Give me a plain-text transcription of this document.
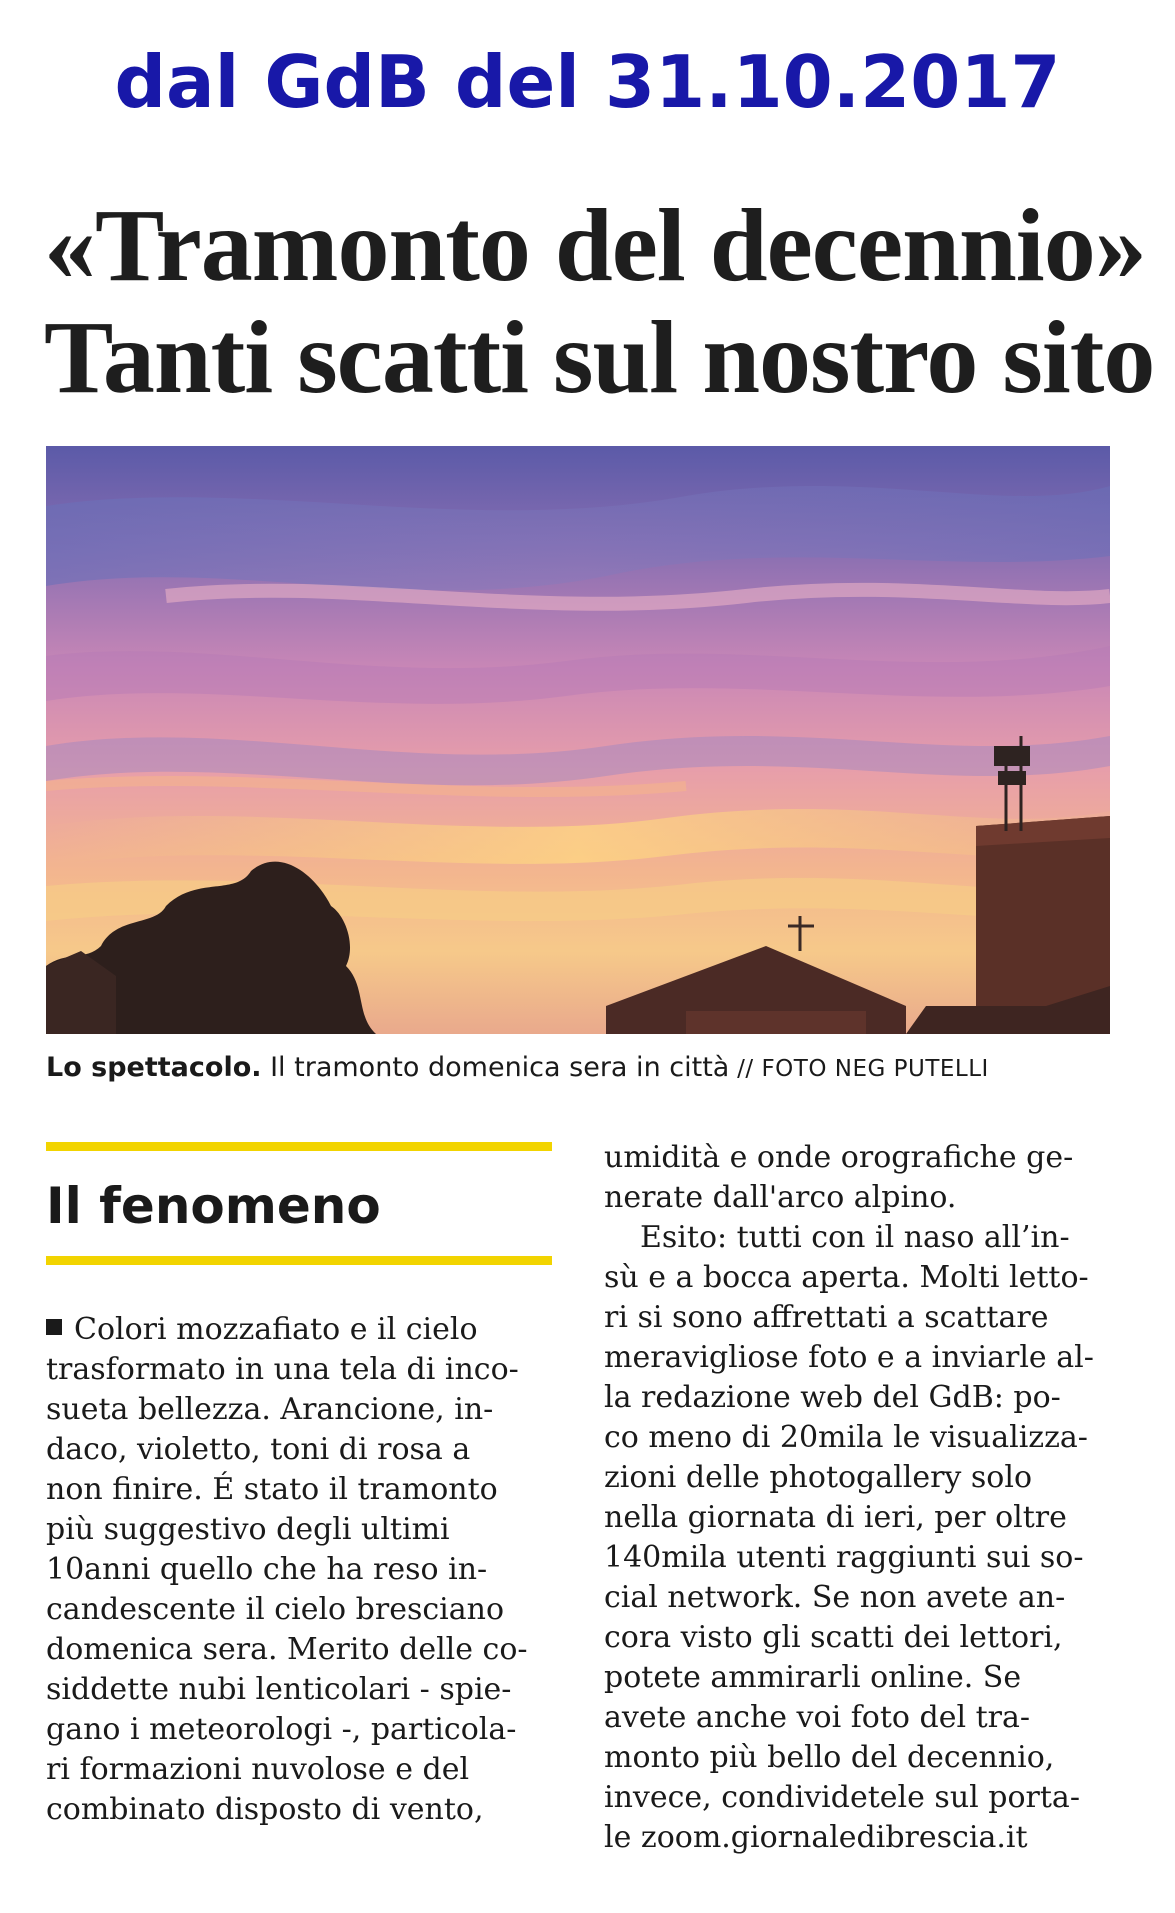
dal GdB del 31.10.2017
«Tramonto del decennio»
Tanti scatti sul nostro sito
Lo spettacolo. Il tramonto domenica sera in città // FOTO NEG PUTELLI
Il fenomeno
Colori mozzafiato e il cielo
trasformato in una tela di inco-
sueta bellezza. Arancione, in-
daco, violetto, toni di rosa a
non finire. É stato il tramonto
più suggestivo degli ultimi
10anni quello che ha reso in-
candescente il cielo bresciano
domenica sera. Merito delle co-
siddette nubi lenticolari - spie-
gano i meteorologi -, particola-
ri formazioni nuvolose e del
combinato disposto di vento,
umidità e onde orografiche ge-
nerate dall'arco alpino.
Esito: tutti con il naso all’in-
sù e a bocca aperta. Molti letto-
ri si sono affrettati a scattare
meravigliose foto e a inviarle al-
la redazione web del GdB: po-
co meno di 20mila le visualizza-
zioni delle photogallery solo
nella giornata di ieri, per oltre
140mila utenti raggiunti sui so-
cial network. Se non avete an-
cora visto gli scatti dei lettori,
potete ammirarli online. Se
avete anche voi foto del tra-
monto più bello del decennio,
invece, condividetele sul porta-
le zoom.giornaledibrescia.it
